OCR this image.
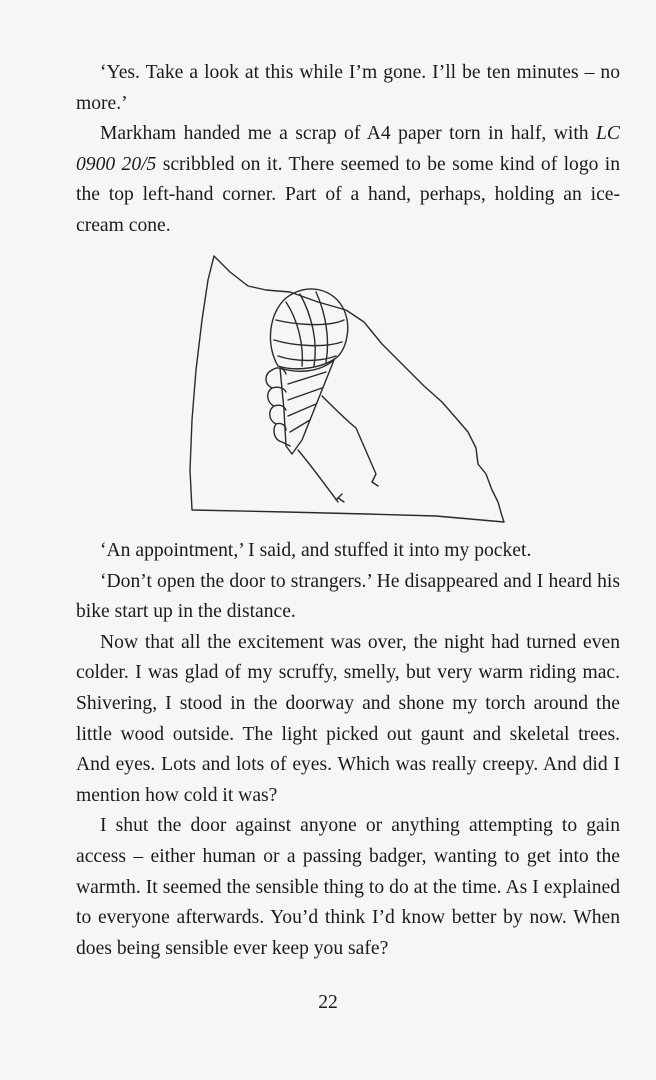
‘Yes. Take a look at this while I’m gone. I’ll be ten minutes – no more.’

Markham handed me a scrap of A4 paper torn in half, with LC 0900 20/5 scribbled on it. There seemed to be some kind of logo in the top left-hand corner. Part of a hand, perhaps, holding an ice-cream cone.

‘An appointment,’ I said, and stuffed it into my pocket.

‘Don’t open the door to strangers.’ He disappeared and I heard his bike start up in the distance.

Now that all the excitement was over, the night had turned even colder. I was glad of my scruffy, smelly, but very warm riding mac. Shivering, I stood in the doorway and shone my torch around the little wood outside. The light picked out gaunt and skeletal trees. And eyes. Lots and lots of eyes. Which was really creepy. And did I mention how cold it was?

I shut the door against anyone or anything attempting to gain access – either human or a passing badger, wanting to get into the warmth. It seemed the sensible thing to do at the time. As I explained to everyone afterwards. You’d think I’d know better by now. When does being sensible ever keep you safe?

22
